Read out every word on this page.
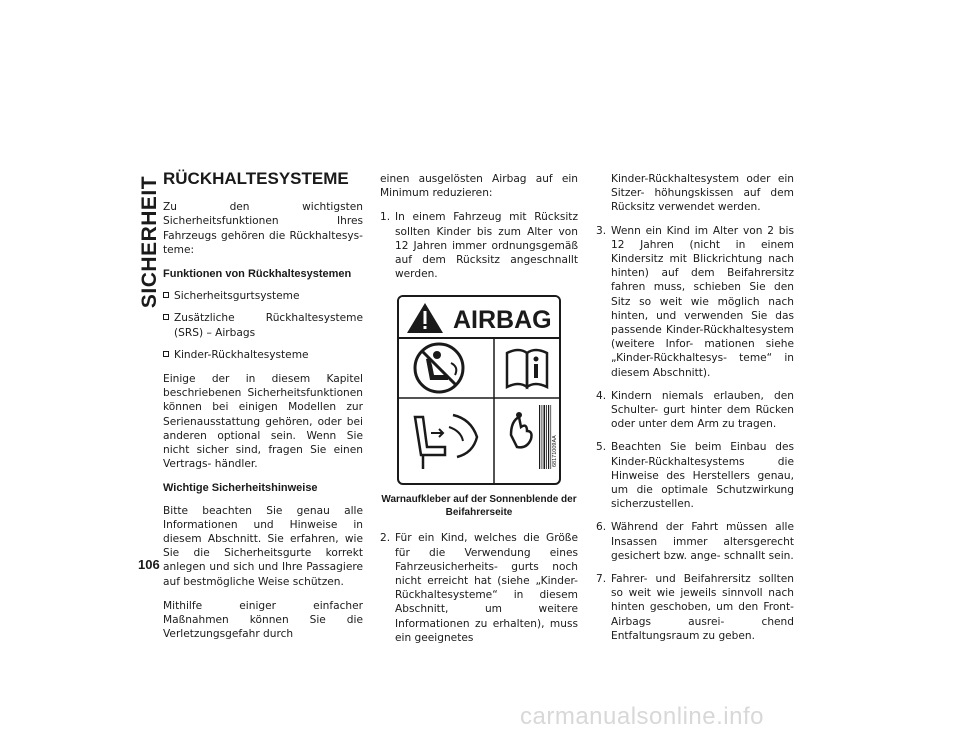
SICHERHEIT
106
RÜCKHALTESYSTEME

Zu den wichtigsten Sicherheitsfunktionen Ihres Fahrzeugs gehören die Rückhaltesys- teme:

Funktionen von Rückhaltesystemen
Sicherheitsgurtsysteme
Zusätzliche Rückhaltesysteme (SRS) – Airbags
Kinder-Rückhaltesysteme

Einige der in diesem Kapitel beschriebenen Sicherheitsfunktionen können bei einigen Modellen zur Serienausstattung gehören, oder bei anderen optional sein. Wenn Sie nicht sicher sind, fragen Sie einen Vertrags- händler.

Wichtige Sicherheitshinweise

Bitte beachten Sie genau alle Informationen und Hinweise in diesem Abschnitt. Sie erfahren, wie Sie die Sicherheitsgurte korrekt anlegen und sich und Ihre Passagiere auf bestmögliche Weise schützen.

Mithilfe einiger einfacher Maßnahmen können Sie die Verletzungsgefahr durch

einen ausgelösten Airbag auf ein Minimum reduzieren:

1. In einem Fahrzeug mit Rücksitz sollten Kinder bis zum Alter von 12 Jahren immer ordnungsgemäß auf dem Rücksitz angeschnallt werden.
AIRBAG
68171009AA
Warnaufkleber auf der Sonnenblende der Beifahrerseite
2. Für ein Kind, welches die Größe für die Verwendung eines Fahrzeusicherheits- gurts noch nicht erreicht hat (siehe „Kinder-Rückhaltesysteme“ in diesem Abschnitt, um weitere Informationen zu erhalten), muss ein geeignetes
Kinder-Rückhaltesystem oder ein Sitzer- höhungskissen auf dem Rücksitz verwendet werden.
3. Wenn ein Kind im Alter von 2 bis 12 Jahren (nicht in einem Kindersitz mit Blickrichtung nach hinten) auf dem Beifahrersitz fahren muss, schieben Sie den Sitz so weit wie möglich nach hinten, und verwenden Sie das passende Kinder-Rückhaltesystem (weitere Infor- mationen siehe „Kinder-Rückhaltesys- teme“ in diesem Abschnitt).
4. Kindern niemals erlauben, den Schulter- gurt hinter dem Rücken oder unter dem Arm zu tragen.
5. Beachten Sie beim Einbau des Kinder-Rückhaltesystems die Hinweise des Herstellers genau, um die optimale Schutzwirkung sicherzustellen.
6. Während der Fahrt müssen alle Insassen immer altersgerecht gesichert bzw. ange- schnallt sein.
7. Fahrer- und Beifahrersitz sollten so weit wie jeweils sinnvoll nach hinten geschoben, um den Front-Airbags ausrei- chend Entfaltungsraum zu geben.
carmanualsonline.info
